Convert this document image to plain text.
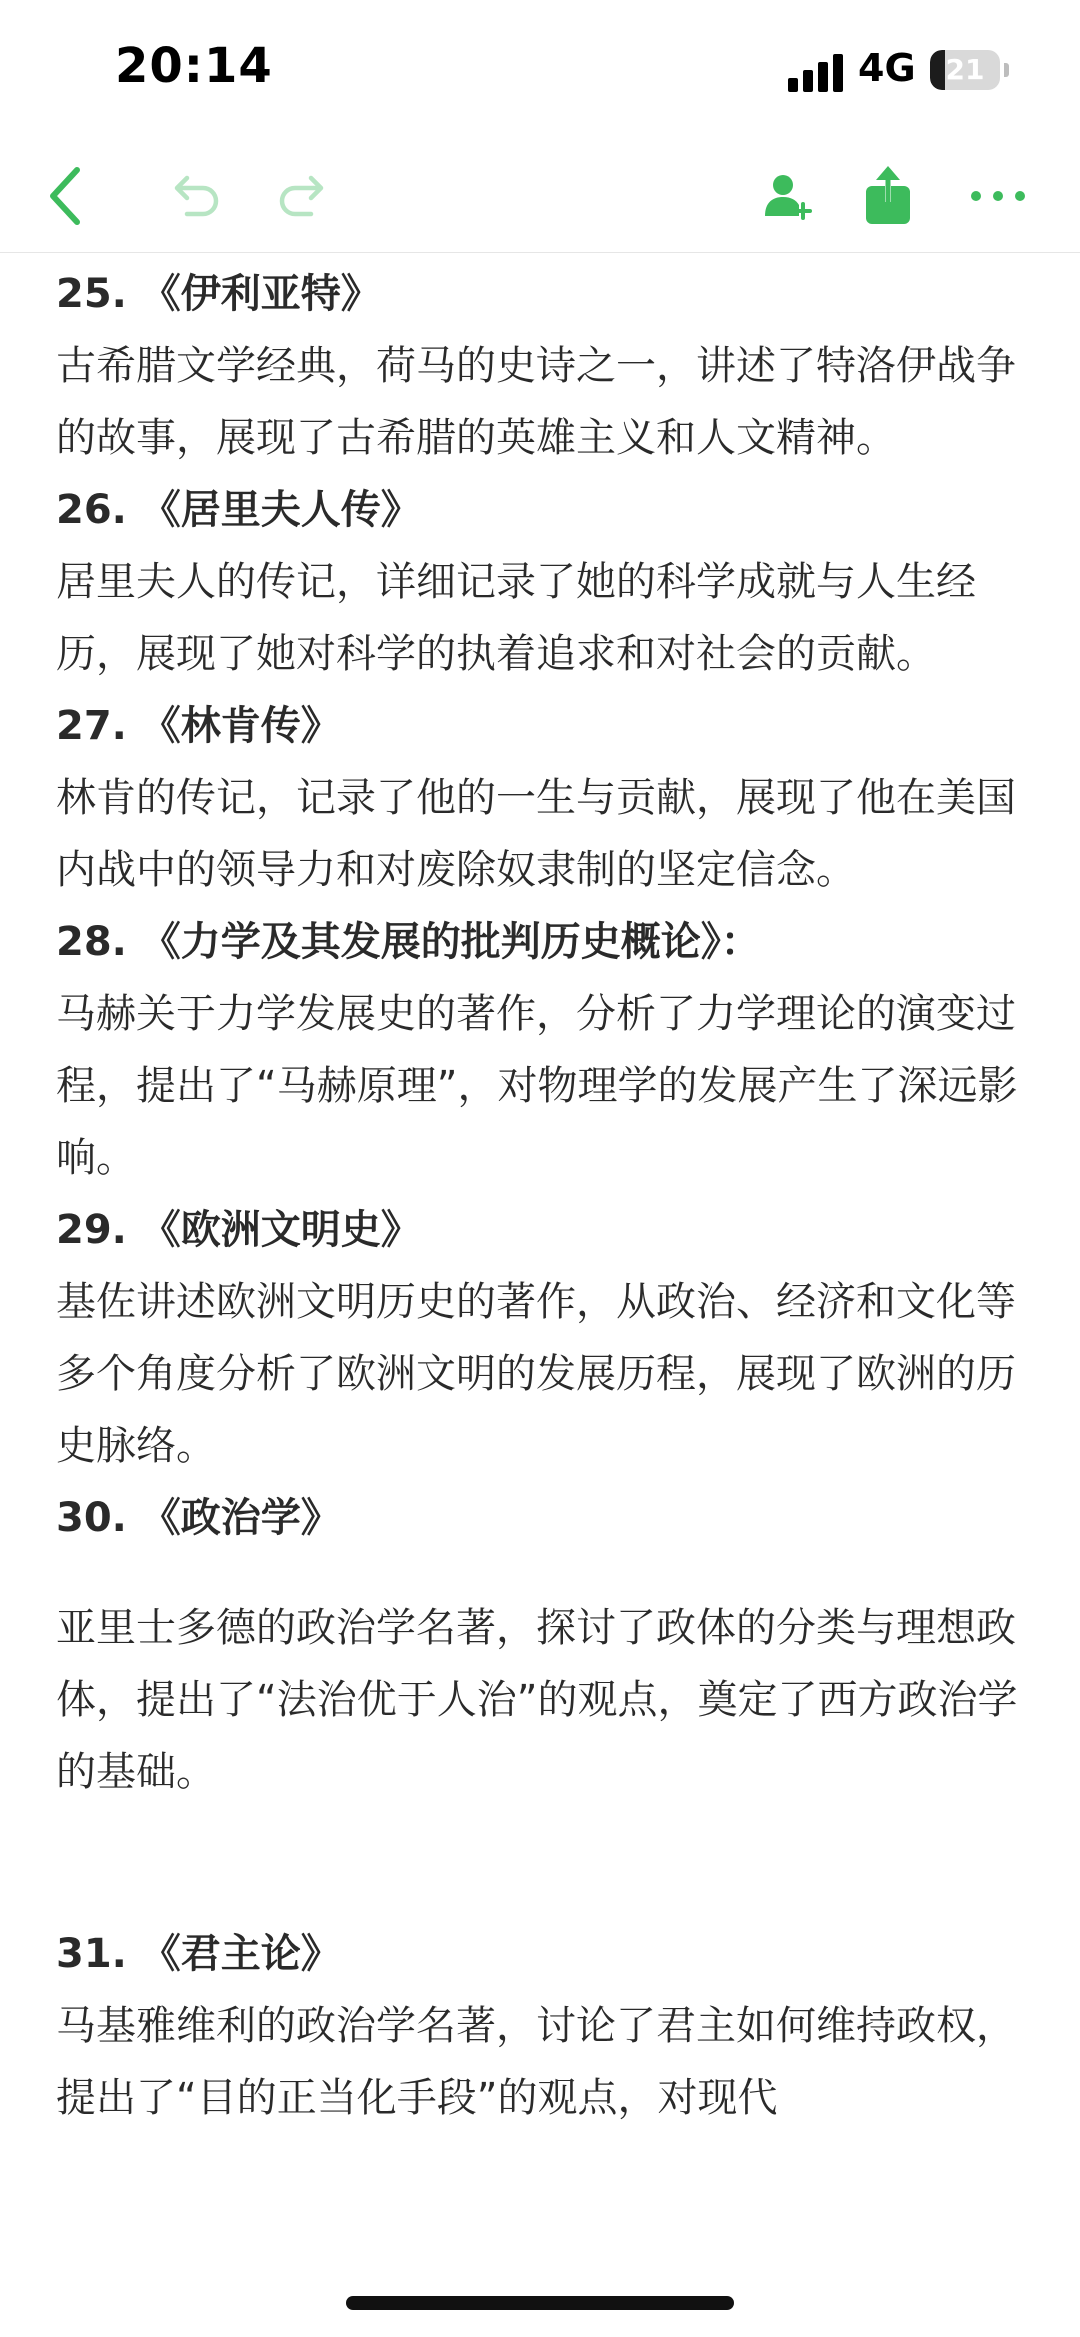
20:14	4G	21
25. 《伊利亚特》

古希腊文学经典，荷马的史诗之一，讲述了特洛伊战争的故事，展现了古希腊的英雄主义和人文精神。

26. 《居里夫人传》

居里夫人的传记，详细记录了她的科学成就与人生经历，展现了她对科学的执着追求和对社会的贡献。

27. 《林肯传》

林肯的传记，记录了他的一生与贡献，展现了他在美国内战中的领导力和对废除奴隶制的坚定信念。

28. 《力学及其发展的批判历史概论》：

马赫关于力学发展史的著作，分析了力学理论的演变过程，提出了“马赫原理”，对物理学的发展产生了深远影响。

29. 《欧洲文明史》

基佐讲述欧洲文明历史的著作，从政治、经济和文化等多个角度分析了欧洲文明的发展历程，展现了欧洲的历史脉络。

30. 《政治学》

亚里士多德的政治学名著，探讨了政体的分类与理想政体，提出了“法治优于人治”的观点，奠定了西方政治学的基础。

31. 《君主论》

马基雅维利的政治学名著，讨论了君主如何维持政权，提出了“目的正当化手段”的观点，对现代
